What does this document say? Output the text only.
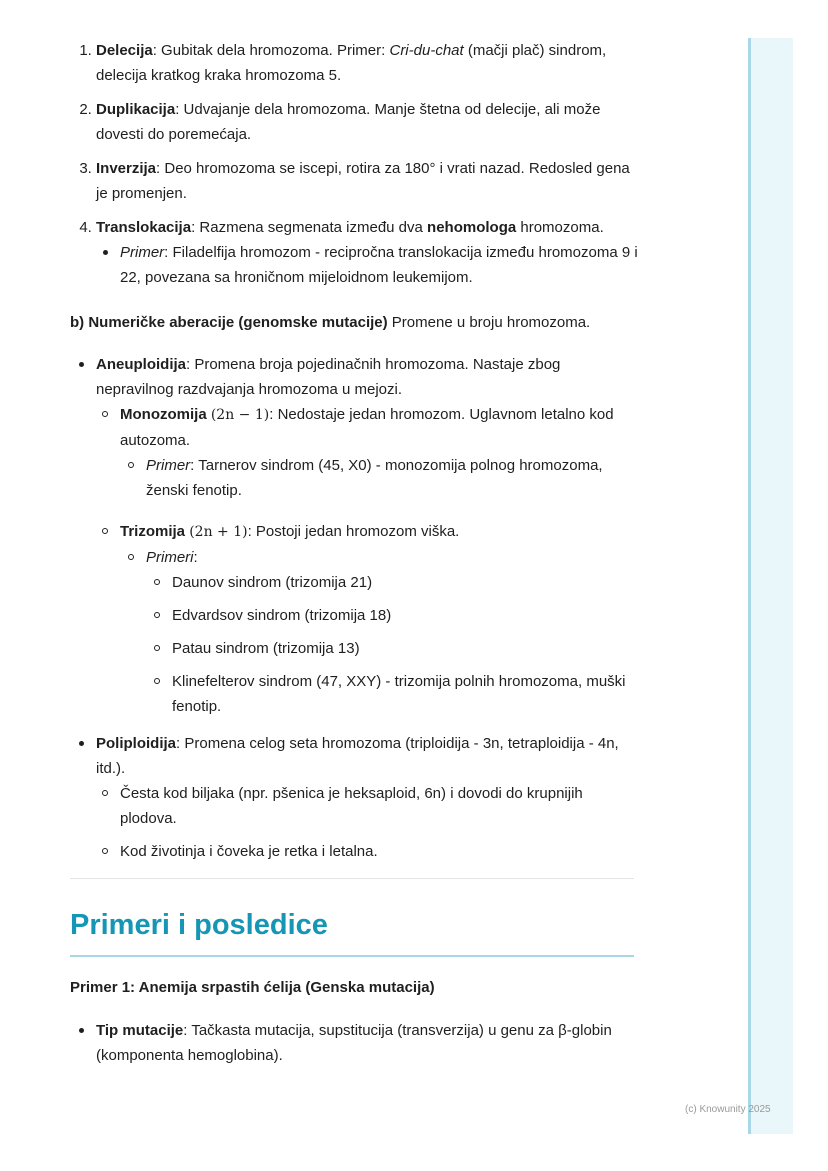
1. Delecija: Gubitak dela hromozoma. Primer: Cri-du-chat (mačji plač) sindrom, delecija kratkog kraka hromozoma 5.
2. Duplikacija: Udvajanje dela hromozoma. Manje štetna od delecije, ali može dovesti do poremećaja.
3. Inverzija: Deo hromozoma se iscepi, rotira za 180° i vrati nazad. Redosled gena je promenjen.
4. Translokacija: Razmena segmenata između dva nehomologa hromozoma.
Primer: Filadelfija hromozom - recipročna translokacija između hromozoma 9 i 22, povezana sa hroničnom mijeloidnom leukemijom.
b) Numeričke aberacije (genomske mutacije) Promene u broju hromozoma.
Aneuploidija: Promena broja pojedinačnih hromozoma. Nastaje zbog nepravilnog razdvajanja hromozoma u mejozi.
Monozomija (2n − 1): Nedostaje jedan hromozom. Uglavnom letalno kod autozoma.
Primer: Tarnerov sindrom (45, X0) - monozomija polnog hromozoma, ženski fenotip.
Trizomija (2n + 1): Postoji jedan hromozom viška.
Primeri:
Daunov sindrom (trizomija 21)
Edvardsov sindrom (trizomija 18)
Patau sindrom (trizomija 13)
Klinefelterov sindrom (47, XXY) - trizomija polnih hromozoma, muški fenotip.
Poliploidija: Promena celog seta hromozoma (triploidija - 3n, tetraploidija - 4n, itd.).
Česta kod biljaka (npr. pšenica je heksaploid, 6n) i dovodi do krupnijih plodova.
Kod životinja i čoveka je retka i letalna.
Primeri i posledice
Primer 1: Anemija srpastih ćelija (Genska mutacija)
Tip mutacije: Tačkasta mutacija, supstitucija (transverzija) u genu za β-globin (komponenta hemoglobina).
(c) Knowunity 2025
